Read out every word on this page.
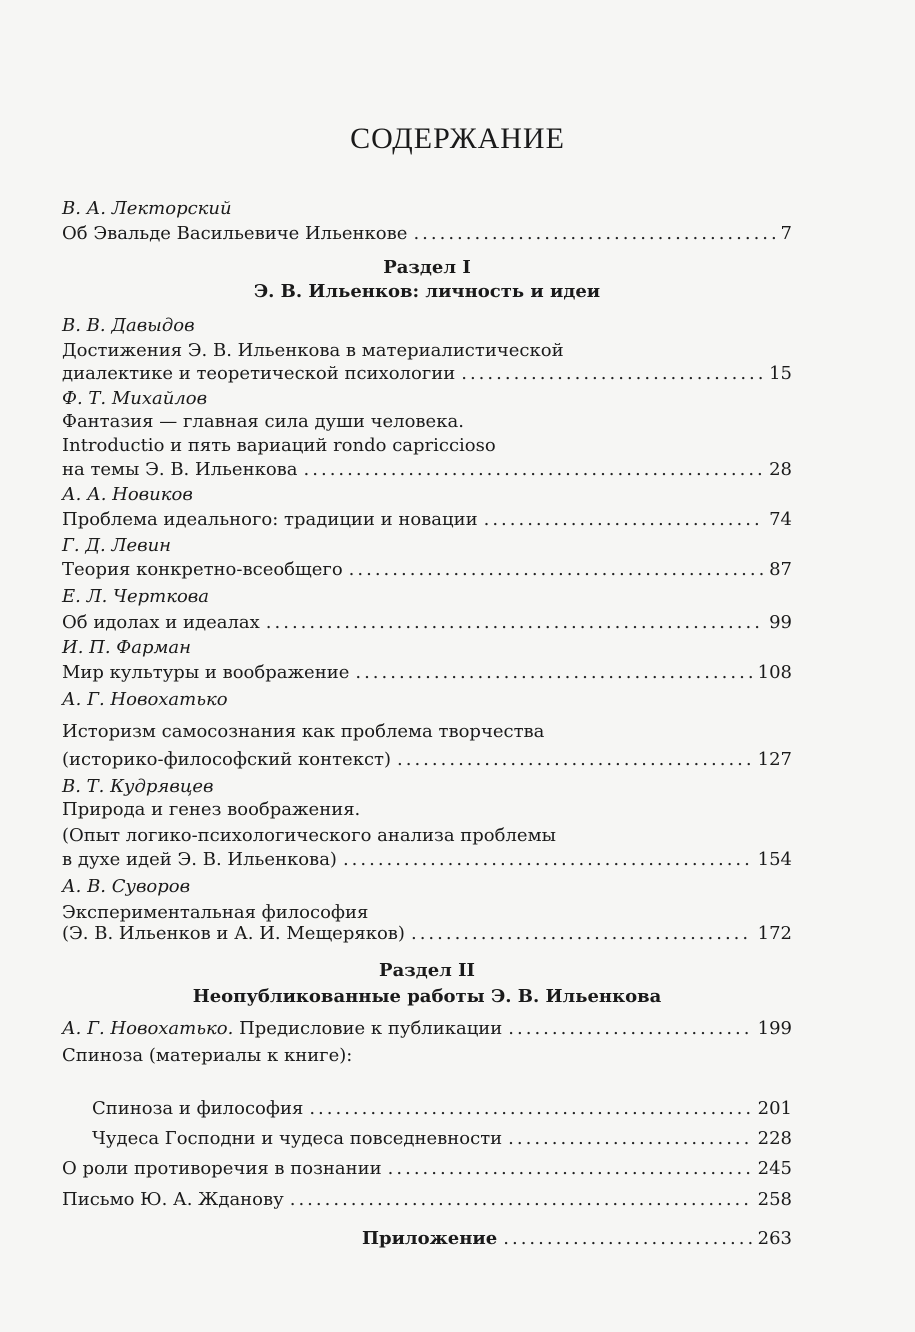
СОДЕРЖАНИЕ
В. А. Лекторский
Об Эвальде Васильевиче Ильенкове .....	7
Раздел I
Э. В. Ильенков: личность и идеи
В. В. Давыдов
Достижения Э. В. Ильенкова в материалистической
диалектике и теоретической психологии .....	15
Ф. Т. Михайлов
Фантазия — главная сила души человека.
Introductio и пять вариаций rondo capriccioso
на темы Э. В. Ильенкова .....	28
А. А. Новиков
Проблема идеального: традиции и новации .....	74
Г. Д. Левин
Теория конкретно-всеобщего .....	87
Е. Л. Черткова
Об идолах и идеалах .....	99
И. П. Фарман
Мир культуры и воображение .....	108
А. Г. Новохатько
Историзм самосознания как проблема творчества
(историко-философский контекст) .....	127
В. Т. Кудрявцев
Природа и генез воображения.
(Опыт логико-психологического анализа проблемы
в духе идей Э. В. Ильенкова) .....	154
А. В. Суворов
Экспериментальная философия
(Э. В. Ильенков и А. И. Мещеряков) .....	172
Раздел II
Неопубликованные работы Э. В. Ильенкова
А. Г. Новохатько. Предисловие к публикации .....	199
Спиноза (материалы к книге):
Спиноза и философия .....	201
Чудеса Господни и чудеса повседневности .....	228
О роли противоречия в познании .....	245
Письмо Ю. А. Жданову .....	258
Приложение .....	263
